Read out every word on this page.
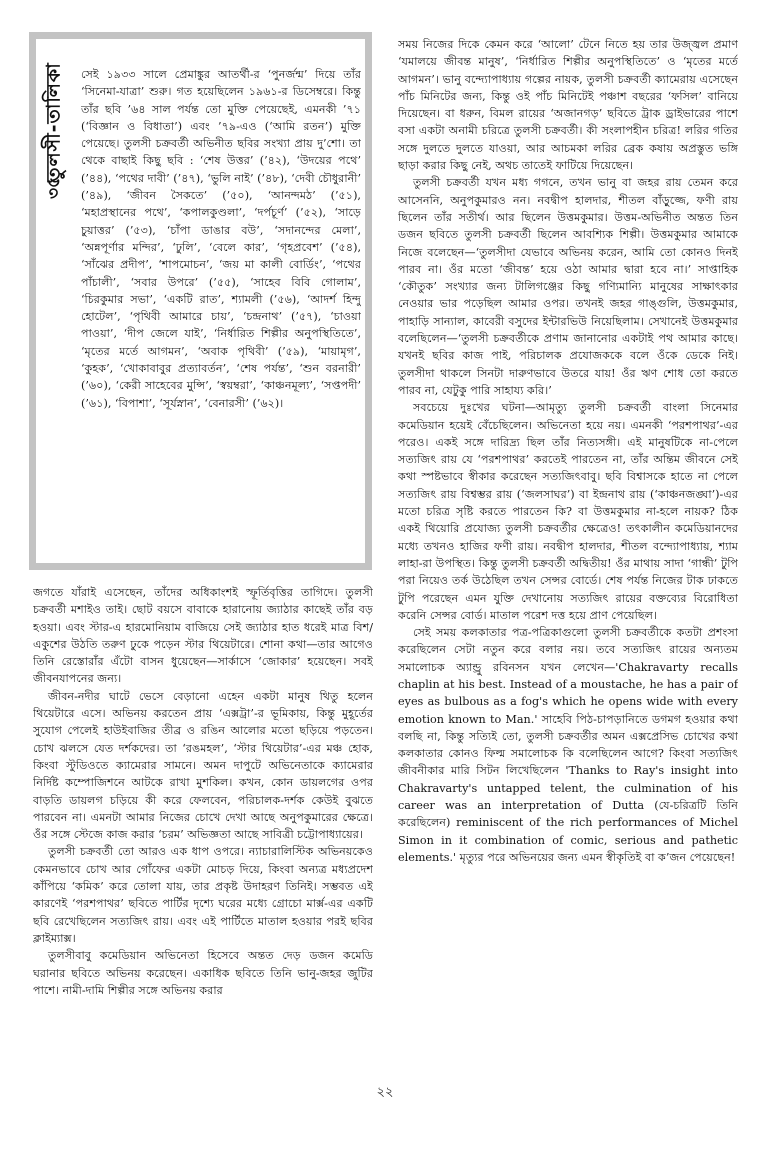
তুলসী-তালিকা
৩৫
সেই ১৯৩৩ সালে প্রেমাঙ্কুর আতর্থী-র ‘পুনর্জন্ম’ দিয়ে তাঁর ‘সিনেমা-যাত্রা’ শুরু। গত হয়েছিলেন ১৯৬১-র ডিসেম্বরে। কিন্তু তাঁর ছবি ’৬৪ সাল পর্যন্ত তো মুক্তি পেয়েছেই, এমনকী ’৭১ (‘বিজ্ঞান ও বিধাতা’) এবং ’৭৯-এও (‘আমি রতন’) মুক্তি পেয়েছে। তুলসী চক্রবর্তী অভিনীত ছবির সংখ্যা প্রায় দু’শো। তা থেকে বাছাই কিছু ছবি : ‘শেষ উত্তর’ (’৪২), ‘উদয়ের পথে’ (’৪৪), ‘পথের দাবী’ (’৪৭), ‘ভুলি নাই’ (’৪৮), ‘দেবী চৌধুরানী’ (’৪৯), ‘জীবন সৈকতে’ (’৫০), ‘আনন্দমঠ’ (’৫১), ‘মহাপ্রস্থানের পথে’, ‘কপালকুণ্ডলা’, ‘দর্পচূর্ণ’ (’৫২), ‘সাড়ে চুয়াত্তর’ (’৫৩), ‘চাঁপা ডাঙার বউ’, ‘সদানন্দের মেলা’, ‘অন্নপূর্ণার মন্দির’, ‘ঢুলি’, ‘বেলে কার’, ‘গৃহপ্রবেশ’ (’৫৪), ‘সাঁঝের প্রদীপ’, ‘শাপমোচন’, ‘জয় মা কালী বোর্ডিং’, ‘পথের পাঁচালী’, ‘সবার উপরে’ (’৫৫), ‘সাহেব বিবি গোলাম’, ‘চিরকুমার সভা’, ‘একটি রাত’, শ্যামলী (’৫৬), ‘আদর্শ হিন্দু হোটেল’, ‘পৃথিবী আমারে চায়’, ‘চন্দ্রনাথ’ (’৫৭), ‘চাওয়া পাওয়া’, ‘দীপ জেলে যাই’, ‘নির্ধারিত শিল্পীর অনুপস্থিতিতে’, ‘মৃতের মর্তে আগমন’, ‘অবাক পৃথিবী’ (’৫৯), ‘মায়ামৃগ’, ‘কুহক’, ‘খোকাবাবুর প্রত্যাবর্তন’, ‘শেষ পর্যন্ত’, ‘শুন বরনারী’ (’৬০), ‘কেরী সাহেবের মুন্সি’, ‘স্বয়ম্বরা’, ‘কাঞ্চনমূল্য’, ‘সপ্তপদী’ (’৬১), ‘বিপাশা’, ‘সূর্যস্নান’, ‘বেনারসী’ (’৬২)।

জগতে যাঁরাই এসেছেন, তাঁদের অধিকাংশই স্ফূর্তিবৃত্তির তাগিদে। তুলসী চক্রবর্তী মশাইও তাই। ছোট বয়সে বাবাকে হারানোয় জ্যাঠার কাছেই তাঁর বড় হওয়া। এবং স্টার-এ হারমোনিয়াম বাজিয়ে সেই জ্যাঠার হাত ধরেই মাত্র বিশ/একুশের উঠতি তরুণ ঢুকে পড়েন স্টার থিয়েটারে। শোনা কথা—তার আগেও তিনি রেস্তোরাঁর এঁটো বাসন ধুয়েছেন—সার্কাসে ‘জোকার’ হয়েছেন। সবই জীবনযাপনের জন্য।

জীবন-নদীর ঘাটে ভেসে বেড়ানো এহেন একটা মানুষ থিতু হলেন থিয়েটারে এসে। অভিনয় করতেন প্রায় ‘এক্সট্রা’-র ভূমিকায়, কিন্তু মুহূর্তের সুযোগ পেলেই হাউইবাজির তীব্র ও রঙিন আলোর মতো ছড়িয়ে পড়তেন। চোখ ঝলসে যেত দর্শকদের। তা ‘রঙমহল’, ‘স্টার থিয়েটার’-এর মঞ্চ হোক, কিংবা স্টুডিওতে ক্যামেরার সামনে। অমন দাপুটে অভিনেতাকে ক্যামেরার নির্দিষ্ট কম্পোজিশনে আটকে রাখা মুশকিল। কখন, কোন ডায়লগের ওপর বাড়তি ডায়লগ চড়িয়ে কী করে ফেলবেন, পরিচালক-দর্শক কেউই বুঝতে পারবেন না। এমনটা আমার নিজের চোখে দেখা আছে অনুপকুমারের ক্ষেত্রে। ওঁর সঙ্গে স্টেজে কাজ করার ‘চরম’ অভিজ্ঞতা আছে সাবিত্রী চট্টোপাধ্যায়ের।

তুলসী চক্রবর্তী তো আরও এক ধাপ ওপরে। ন্যাচারালিস্টিক অভিনয়কেও কেমনভাবে চোখ আর গোঁফের একটা মোচড় দিয়ে, কিংবা অন্যত্র মধ্যপ্রদেশ কাঁপিয়ে ‘কমিক’ করে তোলা যায়, তার প্রকৃষ্ট উদাহরণ তিনিই। সম্ভবত এই কারণেই ‘পরশপাথর’ ছবিতে পার্টির দৃশ্যে ঘরের মধ্যে গ্রোচো মার্ক্স-এর একটি ছবি রেখেছিলেন সত্যজিৎ রায়। এবং এই পার্টিতে মাতাল হওয়ার পরই ছবির ক্লাইম্যাক্স।

তুলসীবাবু কমেডিয়ান অভিনেতা হিসেবে অন্তত দেড় ডজন কমেডি ঘরানার ছবিতে অভিনয় করেছেন। একাধিক ছবিতে তিনি ভানু-জহর জুটির পাশে। নামী-দামি শিল্পীর সঙ্গে অভিনয় করার

সময় নিজের দিকে কেমন করে ‘আলো’ টেনে নিতে হয় তার উজ্জ্বল প্রমাণ ‘যমালয়ে জীবন্ত মানুষ’, ‘নির্ধারিত শিল্পীর অনুপস্থিতিতে’ ও ‘মৃতের মর্তে আগমন’। ভানু বন্দ্যোপাধ্যায় গল্পের নায়ক, তুলসী চক্রবর্তী ক্যামেরায় এসেছেন পাঁচ মিনিটের জন্য, কিন্তু ওই পাঁচ মিনিটেই পঞ্চাশ বছরের ‘ফসিল’ বানিয়ে দিয়েছেন। বা ধরুন, বিমল রায়ের ‘অজানগড়’ ছবিতে ট্রাক ড্রাইভারের পাশে বসা একটা অনামী চরিত্রে তুলসী চক্রবর্তী। কী সংলাপহীন চরিত্র! লরির গতির সঙ্গে দুলতে দুলতে যাওয়া, আর আচমকা লরির ব্রেক কষায় অপ্রস্তুত ভঙ্গি ছাড়া করার কিছু নেই, অথচ তাতেই ফাটিয়ে দিয়েছেন।

তুলসী চক্রবর্তী যখন মধ্য গগনে, তখন ভানু বা জহর রায় তেমন করে আসেননি, অনুপকুমারও নন। নবদ্বীপ হালদার, শীতল বাঁড়ুজ্জে, ফণী রায় ছিলেন তাঁর সতীর্থ। আর ছিলেন উত্তমকুমার। উত্তম-অভিনীত অন্তত তিন ডজন ছবিতে তুলসী চক্রবর্তী ছিলেন আবশ্যিক শিল্পী। উত্তমকুমার আমাকে নিজে বলেছেন—‘তুলসীদা যেভাবে অভিনয় করেন, আমি তো কোনও দিনই পারব না। ওঁর মতো ‘জীবন্ত’ হয়ে ওঠা আমার দ্বারা হবে না।’ সাপ্তাহিক ‘কৌতুক’ সংখ্যার জন্য টালিগঞ্জের কিছু গণ্যিমান্যি মানুষের সাক্ষাৎকার নেওয়ার ভার পড়েছিল আমার ওপর। তখনই জহর গাঙ্গুলি, উত্তমকুমার, পাহাড়ি সান্যাল, কাবেরী বসুদের ইন্টারভিউ নিয়েছিলাম। সেখানেই উত্তমকুমার বলেছিলেন—‘তুলসী চক্রবর্তীকে প্রণাম জানানোর একটাই পথ আমার কাছে। যখনই ছবির কাজ পাই, পরিচালক প্রযোজককে বলে ওঁকে ডেকে নিই। তুলসীদা থাকলে সিনটা দারুণভাবে উতরে যায়! ওঁর ঋণ শোধ তো করতে পারব না, যেটুকু পারি সাহায্য করি।’

সবচেয়ে দুঃখের ঘটনা—আমৃত্যু তুলসী চক্রবর্তী বাংলা সিনেমার কমেডিয়ান হয়েই বেঁচেছিলেন। অভিনেতা হয়ে নয়। এমনকী ‘পরশপাথর’-এর পরেও। একই সঙ্গে দারিদ্র্য ছিল তাঁর নিত্যসঙ্গী। এই মানুষটিকে না-পেলে সত্যজিৎ রায় যে ‘পরশপাথর’ করতেই পারতেন না, তাঁর অন্তিম জীবনে সেই কথা স্পষ্টভাবে স্বীকার করেছেন সত্যজিৎবাবু। ছবি বিশ্বাসকে হাতে না পেলে সত্যজিৎ রায় বিশ্বম্ভর রায় (‘জলসাঘর’) বা ইন্দ্রনাথ রায় (‘কাঞ্চনজঙ্ঘা’)-এর মতো চরিত্র সৃষ্টি করতে পারতেন কি? বা উত্তমকুমার না-হলে নায়ক? ঠিক একই থিয়োরি প্রযোজ্য তুলসী চক্রবর্তীর ক্ষেত্রেও! তৎকালীন কমেডিয়ানদের মধ্যে তখনও হাজির ফণী রায়। নবদ্বীপ হালদার, শীতল বন্দ্যোপাধ্যায়, শ্যাম লাহা-রা উপস্থিত। কিন্তু তুলসী চক্রবর্তী অদ্বিতীয়! ওঁর মাথায় সাদা ‘গান্ধী’ টুপি পরা নিয়েও তর্ক উঠেছিল তখন সেন্সর বোর্ডে। শেষ পর্যন্ত নিজের টাক ঢাকতে টুপি পরেছেন এমন যুক্তি দেখানোয় সত্যজিৎ রায়ের বক্তব্যের বিরোধিতা করেনি সেন্সর বোর্ড। মাতাল পরেশ দত্ত হয়ে প্রাণ পেয়েছিল।

সেই সময় কলকাতার পত্র-পত্রিকাগুলো তুলসী চক্রবর্তীকে কতটা প্রশংসা করেছিলেন সেটা নতুন করে বলার নয়। তবে সত্যজিৎ রায়ের অন্যতম সমালোচক অ্যান্ড্রু রবিনসন যখন লেখেন—'Chakravarty recalls chaplin at his best. Instead of a moustache, he has a pair of eyes as bulbous as a fog's which he opens wide with every emotion known to Man.' সাহেবি পিঠ-চাপড়ানিতে ডগমগ হওয়ার কথা বলছি না, কিন্তু সত্যিই তো, তুলসী চক্রবর্তীর অমন এক্সপ্রেসিভ চোখের কথা কলকাতার কোনও ফিল্ম সমালোচক কি বলেছিলেন আগে? কিংবা সত্যজিৎ জীবনীকার মারি সিটন লিখেছিলেন 'Thanks to Ray's insight into Chakravarty's untapped telent, the culmination of his career was an interpretation of Dutta (যে-চরিত্রটি তিনি করেছিলেন) reminiscent of the rich performances of Michel Simon in it combination of comic, serious and pathetic elements.' মৃত্যুর পরে অভিনয়ের জন্য এমন স্বীকৃতিই বা ক’জন পেয়েছেন!

২২
